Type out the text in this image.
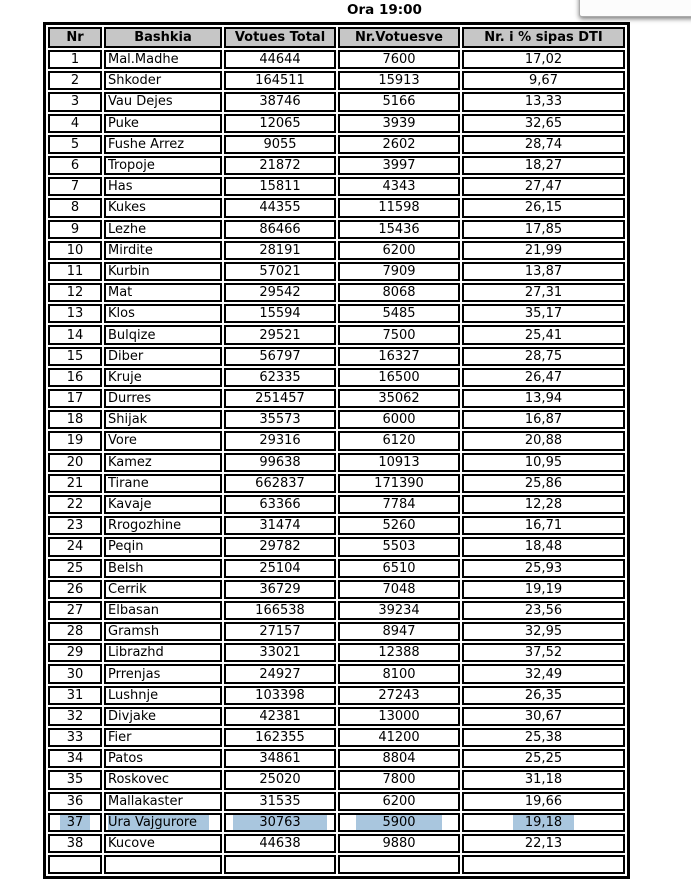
Ora 19:00
Nr	Bashkia	Votues Total	Nr.Votuesve	Nr. i % sipas DTI
1	Mal.Madhe	44644	7600	17,02
2	Shkoder	164511	15913	9,67
3	Vau Dejes	38746	5166	13,33
4	Puke	12065	3939	32,65
5	Fushe Arrez	9055	2602	28,74
6	Tropoje	21872	3997	18,27
7	Has	15811	4343	27,47
8	Kukes	44355	11598	26,15
9	Lezhe	86466	15436	17,85
10	Mirdite	28191	6200	21,99
11	Kurbin	57021	7909	13,87
12	Mat	29542	8068	27,31
13	Klos	15594	5485	35,17
14	Bulqize	29521	7500	25,41
15	Diber	56797	16327	28,75
16	Kruje	62335	16500	26,47
17	Durres	251457	35062	13,94
18	Shijak	35573	6000	16,87
19	Vore	29316	6120	20,88
20	Kamez	99638	10913	10,95
21	Tirane	662837	171390	25,86
22	Kavaje	63366	7784	12,28
23	Rrogozhine	31474	5260	16,71
24	Peqin	29782	5503	18,48
25	Belsh	25104	6510	25,93
26	Cerrik	36729	7048	19,19
27	Elbasan	166538	39234	23,56
28	Gramsh	27157	8947	32,95
29	Librazhd	33021	12388	37,52
30	Prrenjas	24927	8100	32,49
31	Lushnje	103398	27243	26,35
32	Divjake	42381	13000	30,67
33	Fier	162355	41200	25,38
34	Patos	34861	8804	25,25
35	Roskovec	25020	7800	31,18
36	Mallakaster	31535	6200	19,66
37	Ura Vajgurore	30763	5900	19,18
38	Kucove	44638	9880	22,13
